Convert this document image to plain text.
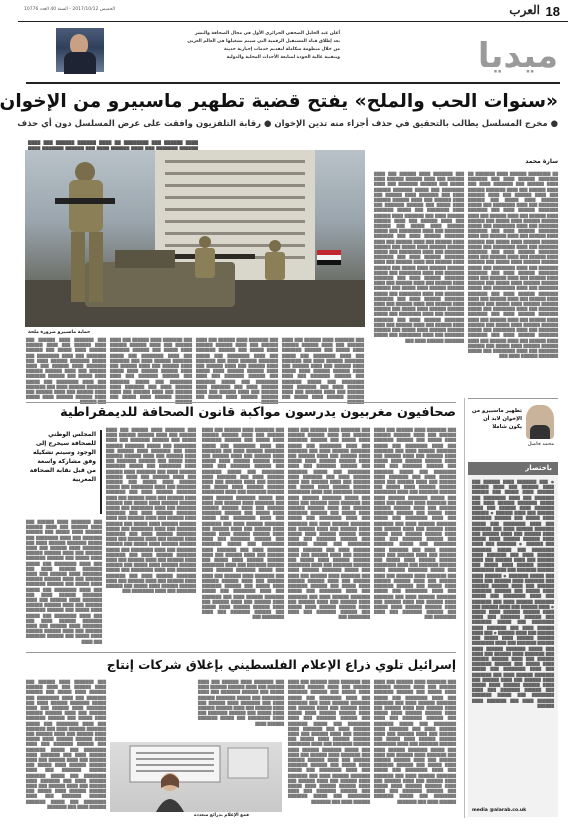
18
العرب
الخميس 2017/10/12 - السنة 40 العدد 10776
أعلن عبد الخليل الصحفي الجزائري الأول في مجال الصحافة والنشر
بعد إطلاق قناة المستقبل الرقمية التي سيتم تشغيلها في العالم العربي
من خلال منظومة متكاملة لتقديم خدمات إخبارية حديثة
وبتقنية عالية الجودة لمتابعة الأحداث المحلية والدولية	ميديا
«سنوات الحب والملح» يفتح قضية تطهير ماسبيرو من الإخوان
● مخرج المسلسل يطالب بالتحقيق في حذف أجزاء منه تدين الإخوان ● رقابة التلفزيون وافقت على عرض المسلسل دون أي حذف
سارة محمد
████ ██████ ███ ████████ ██ ████ ██████ ██████ ███ ████ ██████ ███████ ███ ████ ██████ ████ ███ ██████ ███████ ████
حماية ماسبيرو ضرورة ملحة
██ ████████ ██████ ████ ███████ ██ ███████ ██████ ████ ███ ███████ ████ ██████ ███ ███████ ████ ███ ████ ██████ ███ ████ ███████ ██████ ███ ████ ██████ ███ ████ ██████ ██████ ████ █████ ███ ██████ ███████ ███ ████ ████████ ███ █████ ███████ ██████ ████ ███ ███████ ████ ██████ ███ ████ ██████ ███ ████ ██████ ██████ ████ █████ ███ ██████ ███████ ███ ████ ████████ ███ █████ ███████ ██████ ████ ███ ███████ ████ ██████ ███ ████ ██████ ███ ████ ██████ ██████ ████ █████ ███ ██████ ███████ ███ ████ ████████ ███ █████ ███████ ██████ ████ ███ ███████ ████ ██████ ███ ████ ██████ ███ ████ ██████ ██████ ████ █████ ███ ██████ ███████ ███ ████ ████████ ███ █████ ███████ ██████ ████ ███ ███████ ████ ██████ ███ ████ ██████ ███ ████ ██████ ██████ ████ █████ ███ ██████ ███████ ███ ████ ████████ ███ █████ ███████ ██████ ████ ███ ███████ ████ ██████ ███ ████ ██████ ███ ████ ██████ ██████ ████ █████ ███ ██████ ███████ ███ ████ ████████ ███ █████ ███████ ██████ ████ ███ ███████ ████ ██████ ███ ████ ██████ ███ ████ ██████ ██████ ████ █████ ███ ██████ ███████ ███ ████ ████████ ███ █████ ███████ ██████ ████ ███ ███████ ████ ██████ ███ ████ ██████ ███ ████ ██████ ██████ ████ █████ ███ ██████ ███████ ███ ████ ████████ ███ █████ ███████ ██████ ████ ███
███ ███████ ████ ██████ ███ ████ ██████ ███ ████ ██████ ██████ ████ █████ ███ ██████ ███████ ███ ████ ████████ ███ █████ ███████ ██████ ████ ███ ███████ ████ ██████ ███ ████ ██████ ███ ████ ██████ ██████ ████ █████ ███ ██████ ███████ ███ ████ ████████ ███ █████ ███████ ██████ ████ ███ ███████ ████ ██████ ███ ████ ██████ ███ ████ ██████ ██████ ████ █████ ███ ██████ ███████ ███ ████ ████████ ███ █████ ███████ ██████ ████ ███ ███████ ████ ██████ ███ ████ ██████ ███ ████ ██████ ██████ ████ █████ ███ ██████ ███████ ███ ████ ████████ ███ █████ ███████ ██████ ████ ███ ███████ ████ ██████ ███ ████ ██████ ███ ████ ██████ ██████ ████ █████ ███ ██████ ███████ ███ ████ ████████ ███ █████ ███████ ██████ ████ ███ ███████ ████ ██████ ███ ████ ██████ ███ ████ ██████ ██████ ████ █████ ███ ██████ ███████ ███ ████ ████████ ███ █████ ███████ ██████ ████ ███ ███████ ████ ██████ ███ ████ ██████ ███ ████ ██████ ██████ ████ █████ ███ ██████ ███████ ███ ████ ████████ ███ █████ ███████ ██████ ████ ███ ███████ ████ ██████ ███ ████ ██████ ███ ████ ██████ ██████ ████ █████ ███ ██████ ███████ ███ ████ ████████ ███ █████ ███████ ██████ ████ ███
███ ███████ ████ ██████ ███ ████ ██████ ███ ████ ██████ ██████ ████ █████ ███ ██████ ███████ ███ ████ ████████ ███ █████ ███████ ██████ ████ ███ ███████ ████ ██████ ███ ████ ██████ ███ ████ ██████ ██████ ████ █████ ███ ██████ ███████ ███ ████ ████████ ███ █████ ███████ ██████ ████ ███ ███████ ████ ██████ ███ ████ ██████ ███ ████ ██████ ██████ ████ █████ ███
███ ███████ ████ ██████ ███ ████ ██████ ███ ████ ██████ ██████ ████ █████ ███ ██████ ███████ ███ ████ ████████ ███ █████ ███████ ██████ ████ ███ ███████ ████ ██████ ███ ████ ██████ ███ ████ ██████ ██████ ████ █████ ███ ██████ ███████ ███ ████ ████████ ███ █████ ███████ ██████ ████ ███ ███████ ████ ██████ ███ ████ ██████ ███ ████ ██████ ██████ ████ █████ ███
███ ███████ ████ ██████ ███ ████ ██████ ███ ████ ██████ ██████ ████ █████ ███ ██████ ███████ ███ ████ ████████ ███ █████ ███████ ██████ ████ ███ ███████ ████ ██████ ███ ████ ██████ ███ ████ ██████ ██████ ████ █████ ███ ██████ ███████ ███ ████ ████████ ███ █████ ███████ ██████ ████ ███ ███████ ████ ██████ ███ ████ ██████ ███ ████ ██████ ██████ ████ █████ ███
███ ███████ ████ ██████ ███ ████ ██████ ███ ████ ██████ ██████ ████ █████ ███ ██████ ███████ ███ ████ ████████ ███ █████ ███████ ██████ ████ ███ ███████ ████ ██████ ███ ████ ██████ ███ ████ ██████ ██████ ████ █████ ███ ██████ ███████ ███ ████ ████████ ███ █████ ███████ ██████ ████ ███ ███████ ████ ██████ ███ ████ ██████ ███ ████ ██████ ██████ ████ █████
محمد فاضل
تطهير ماسبيرو من الإخوان لابد أن يكون شاملا
صحافيون مغربيون يدرسون مواكبة قانون الصحافة للديمقراطية
███ ███████ ████ ██████ ███ ████ ██████ ███ ████ ██████ ██████ ████ █████ ███ ██████ ███████ ███ ████ ████████ ███ █████ ███████ ██████ ████ ███ ███████ ████ ██████ ███ ████ ██████ ███ ████ ██████ ██████ ████ █████ ███ ██████ ███████ ███ ████ ████████ ███ █████ ███████ ██████ ████ ███ ███████ ████ ██████ ███ ████ ██████ ███ ████ ██████ ██████ ████ █████ ███ ██████ ███████ ███ ████ ████████ ███ █████ ███████ ██████ ████ ███ ███████ ████ ██████ ███ ████ ██████ ███ ████ ██████ ██████ ████ █████ ███ ██████ ███████ ███ ████ ████████ ███ █████ ███████ ██████ ████ ███ ███████ ████ ██████ ███ ████ ██████ ███ ████ ██████ ██████ ████ █████ ███ ██████ ███████ ███ ████ ████████ ███ █████ ███████ ██████ ████ ███ ███████ ████ ██████ ███ ████ ██████ ███ ████ ██████ ██████ ████ █████ ███ ██████ ███████ ███ ████ ████████ ███ █████ ███████ ██████ ████ ███ ███████ ████ ██████ ███ ████ ██████ ███ ████ ██████ ██████ ████ █████ ███ ██████ ███████ ███ ████ ████████ ███ █████ ███████ ██████ ████ ███ ███████ ████ ██████ ███ ████ ██████ ███ ████ ██████ ██████ ████ █████ ███ ██████ ███████ ███ ████ ████████ ███
███ ███████ ████ ██████ ███ ████ ██████ ███ ████ ██████ ██████ ████ █████ ███ ██████ ███████ ███ ████ ████████ ███ █████ ███████ ██████ ████ ███ ███████ ████ ██████ ███ ████ ██████ ███ ████ ██████ ██████ ████ █████ ███ ██████ ███████ ███ ████ ████████ ███ █████ ███████ ██████ ████ ███ ███████ ████ ██████ ███ ████ ██████ ███ ████ ██████ ██████ ████ █████ ███ ██████ ███████ ███ ████ ████████ ███ █████ ███████ ██████ ████ ███ ███████ ████ ██████ ███ ████ ██████ ███ ████ ██████ ██████ ████ █████ ███ ██████ ███████ ███ ████ ████████ ███ █████ ███████ ██████ ████ ███ ███████ ████ ██████ ███ ████ ██████ ███ ████ ██████ ██████ ████ █████ ███ ██████ ███████ ███ ████ ████████ ███ █████ ███████ ██████ ████ ███ ███████ ████ ██████ ███ ████ ██████ ███ ████ ██████ ██████ ████ █████ ███ ██████ ███████ ███ ████ ████████ ███ █████ ███████ ██████ ████ ███ ███████ ████ ██████ ███ ████ ██████ ███ ████ ██████ ██████ ████ █████ ███ ██████ ███████ ███ ████ ████████ ███ █████ ███████ ██████ ████ ███ ███████ ████ ██████ ███ ████ ██████ ███ ████ ██████ ██████ ████ █████ ███ ██████ ███████ ███ ████ ████████ ███
███ ███████ ████ ██████ ███ ████ ██████ ███ ████ ██████ ██████ ████ █████ ███ ██████ ███████ ███ ████ ████████ ███ █████ ███████ ██████ ████ ███ ███████ ████ ██████ ███ ████ ██████ ███ ████ ██████ ██████ ████ █████ ███ ██████ ███████ ███ ████ ████████ ███ █████ ███████ ██████ ████ ███ ███████ ████ ██████ ███ ████ ██████ ███ ████ ██████ ██████ ████ █████ ███ ██████ ███████ ███ ████ ████████ ███ █████ ███████ ██████ ████ ███ ███████ ████ ██████ ███ ████ ██████ ███ ████ ██████ ██████ ████ █████ ███ ██████ ███████ ███ ████ ████████ ███ █████ ███████ ██████ ████ ███ ███████ ████ ██████ ███ ████ ██████ ███ ████ ██████ ██████ ████ █████ ███ ██████ ███████ ███ ████ ████████ ███ █████ ███████ ██████ ████ ███ ███████ ████ ██████ ███ ████ ██████ ███ ████ ██████ ██████ ████ █████ ███ ██████ ███████ ███ ████ ████████ ███ █████ ███████ ██████ ████ ███ ███████ ████ ██████ ███ ████ ██████ ███ ████ ██████ ██████ ████ █████ ███ ██████ ███████ ███ ████ ████████ ███ █████ ███████ ██████ ████ ███ ███████ ████ ██████ ███ ████ ██████ ███ ████ ██████ ██████ ████ █████ ███ ██████ ███████ ███ ████ ████████ ███
███ ███████ ████ ██████ ███ ████ ██████ ███ ████ ██████ ██████ ████ █████ ███ ██████ ███████ ███ ████ ████████ ███ █████ ███████ ██████ ████ ███ ███████ ████ ██████ ███ ████ ██████ ███ ████ ██████ ██████ ████ █████ ███ ██████ ███████ ███ ████ ████████ ███ █████ ███████ ██████ ████ ███ ███████ ████ ██████ ███ ████ ██████ ███ ████ ██████ ██████ ████ █████ ███ ██████ ███████ ███ ████ ████████ ███ █████ ███████ ██████ ████ ███ ███████ ████ ██████ ███ ████ ██████ ███ ████ ██████ ██████ ████ █████ ███ ██████ ███████ ███ ████ ████████ ███ █████ ███████ ██████ ████ ███ ███████ ████ ██████ ███ ████ ██████ ███ ████ ██████ ██████ ████ █████ ███ ██████ ███████ ███ ████ ████████ ███ █████ ███████ ██████ ████ ███ ███████ ████ ██████ ███ ████ ██████ ███ ████ ██████ ██████ ████ █████ ███ ██████ ███████ ███ ████ ████████ ███ █████ ███████ ██████ ████ ███ ███████ ████ ██████ ███ ████ ██████ ███ ████ ██████ ██████ ████ █████ ███ ██████ ███████ ███ ████ ████████ ███ █████ ███████ ██████ ████ ███ ███████ ████ ██████ ███ ████ ██████ ███ ████ ██████ ██████ ████ █████ ███ ██████ ███████ ███ ████ ████████ ███
المجلس الوطني للصحافة سيخرج إلى الوجود وسيتم تشكيله وفق مشاركة واسعة من قبل نقابة الصحافة المغربية
███ ███████ ████ ██████ ███ ████ ██████ ███ ████ ██████ ██████ ████ █████ ███ ██████ ███████ ███ ████ ████████ ███ █████ ███████ ██████ ████ ███ ███████ ████ ██████ ███ ████ ██████ ███ ████ ██████ ██████ ████ █████ ███ ██████ ███████ ███ ████ ████████ ███ █████ ███████ ██████ ████ ███ ███████ ████ ██████ ███ ████ ██████ ███ ████ ██████ ██████ ████ █████ ███ ██████ ███████ ███ ████ ████████ ███ █████ ███████ ██████ ████ ███ ███████ ████ ██████ ███ ████ ██████ ███ ████ ██████ ██████ ████ █████ ███ ██████ ███████ ███ ████ ████████ ███ █████ ███████ ██████ ████ ███ ███████ ████ ██████ ███ ████ ██████ ███ ████ ██████ ██████ ████ █████ ███ ██████ ███████ ███ ████
باختصار
● ███ ███████ ████ ██████ ███ ████ ██████ ███ ████ ██████ ██████ ████ █████ ███ ██████ ███████ ███ ████ ████████ ███ █████ ███████ ██████ ████ ███ ███████ ████ ██████ ███ ████ ██████ ███ ████ ██████ ● ██████ ████ █████ ███ ██████ ███████ ███ ████ ████████ ███ █████ ███████ ██████ ████ ███ ███████ ████ ██████ ███ ████ ██████ ███ ████ ██████ ██████ ████ █████ ███ ██████ ● ███████ ███ ████ ████████ ███ █████ ███████ ██████ ████ ███ ███████ ████ ██████ ███ ████ ██████ ███ ████ ██████ ██████ ████ █████ ███ ██████ ███████ ███ ████ ████████ ███ █████ ███████ ● ██████ ████ ███ ███████ ████ ██████ ███ ████ ██████ ███ ████ ██████ ██████ ████ █████ ███ ██████ ███████ ███ ████ ████████ ███ █████ ███████ ██████ ████ ███ ███████ ● ████ ██████ ███ ████ ██████ ███ ████ ██████ ██████ ████ █████ ███ ██████ ███████ ███ ████ ████████ ███ █████ ███████ ██████ ████ ███ ███████ ████ ██████ ███ ████ ██████ ● ███ ████ ██████ ██████ ████ █████ ███ ██████ ███████ ███ ████ ████████ ███ █████ ███████ ██████ ████ ███ ███████ ████ ██████ ███ ████ ██████ ███ ████ ██████ ██████ ████ █████ ███ ██████ ███████ ███ ████ ████████ ███ █████ ███████ ██████ ████ ███ ███████ ████ ██████ ███ ████ ██████ ███ ████ ██████ ██████ ████ █████ ███ ██████ ███████ ███ ████ ████████ ███ █████ ███████ ██████ ████ ███ ███████ ████ ██████
media @alarab.co.uk
إسرائيل تلوي ذراع الإعلام الفلسطيني بإغلاق شركات إنتاج
███ ███████ ████ ██████ ███ ████ ██████ ███ ████ ██████ ██████ ████ █████ ███ ██████ ███████ ███ ████ ████████ ███ █████ ███████ ██████ ████ ███ ███████ ████ ██████ ███ ████ ██████ ███ ████ ██████ ██████ ████ █████ ███ ██████ ███████ ███ ████ ████████ ███ █████ ███████ ██████ ████ ███ ███████ ████ ██████ ███ ████ ██████ ███ ████ ██████ ██████ ████ █████ ███ ██████ ███████ ███ ████ ████████ ███ █████ ███████ ██████ ████ ███ ███████ ████ ██████ ███ ████ ██████ ███ ████ ██████ ██████ ████ █████ ███ ██████ ███████ ███ ████ ████████ ███ █████ ███████ ██████ ████ ███ ███████ ████ ██████ ███ ████ ██████ ███ ████ ██████ ██████ ████ █████ ███ ██████ ███████ ███ ████ ████████ ███ █████ ███████ ██████ ████ ███ ███████
███ ███████ ████ ██████ ███ ████ ██████ ███ ████ ██████ ██████ ████ █████ ███ ██████ ███████ ███ ████ ████████ ███ █████ ███████ ██████ ████ ███ ███████ ████ ██████ ███ ████ ██████ ███ ████ ██████ ██████ ████ █████ ███ ██████ ███████ ███ ████ ████████ ███ █████ ███████ ██████ ████ ███ ███████ ████ ██████ ███ ████ ██████ ███ ████ ██████ ██████ ████ █████ ███ ██████ ███████ ███ ████ ████████ ███ █████ ███████ ██████ ████ ███ ███████ ████ ██████ ███ ████ ██████ ███ ████ ██████ ██████ ████ █████ ███ ██████ ███████ ███ ████ ████████ ███ █████ ███████ ██████ ████ ███ ███████ ████ ██████ ███ ████ ██████ ███ ████ ██████ ██████ ████ █████ ███ ██████ ███████ ███ ████ ████████ ███ █████ ███████ ██████ ████ ███ ███████
███ ███████ ████ ██████ ███ ████ ██████ ███ ████ ██████ ██████ ████ █████ ███ ██████ ███████ ███ ████ ████████ ███ █████ ███████ ██████ ████ ███ ███████ ████ ██████ ███ ████ ██████ ███ ████ ██████ ██████ ████ █████ ███ ██████ ███████ ███ ████ ████████ ███ █████ ███████ ██████ ████
███ ███████ ████ ██████ ███ ████ ██████ ███ ████ ██████ ██████ ████ █████ ███ ██████ ███████ ███ ████ ████████ ███ █████ ███████ ██████ ████ ███ ███████ ████ ██████ ███ ████ ██████ ███ ████ ██████ ██████ ████ █████ ███ ██████ ███████ ███ ████ ████████ ███ █████ ███████ ██████ ████ ███ ███████ ████ ██████ ███ ████ ██████ ███ ████ ██████ ██████ ████ █████ ███ ██████ ███████ ███ ████ ████████ ███ █████ ███████ ██████ ████ ███ ███████ ████ ██████ ███ ████ ██████ ███ ████ ██████ ██████ ████ █████ ███ ██████ ███████ ███ ████ ████████ ███ █████ ███████ ██████ ████ ███ ███████ ████ ██████ ███ ████ ██████ ███ ████ ██████ ██████ ████ █████ ███ ██████ ███████ ███ ████ ████████ ███ █████ ███████ ██████ ████ ███ ███████
قمع الإعلام بذرائع متعددة
